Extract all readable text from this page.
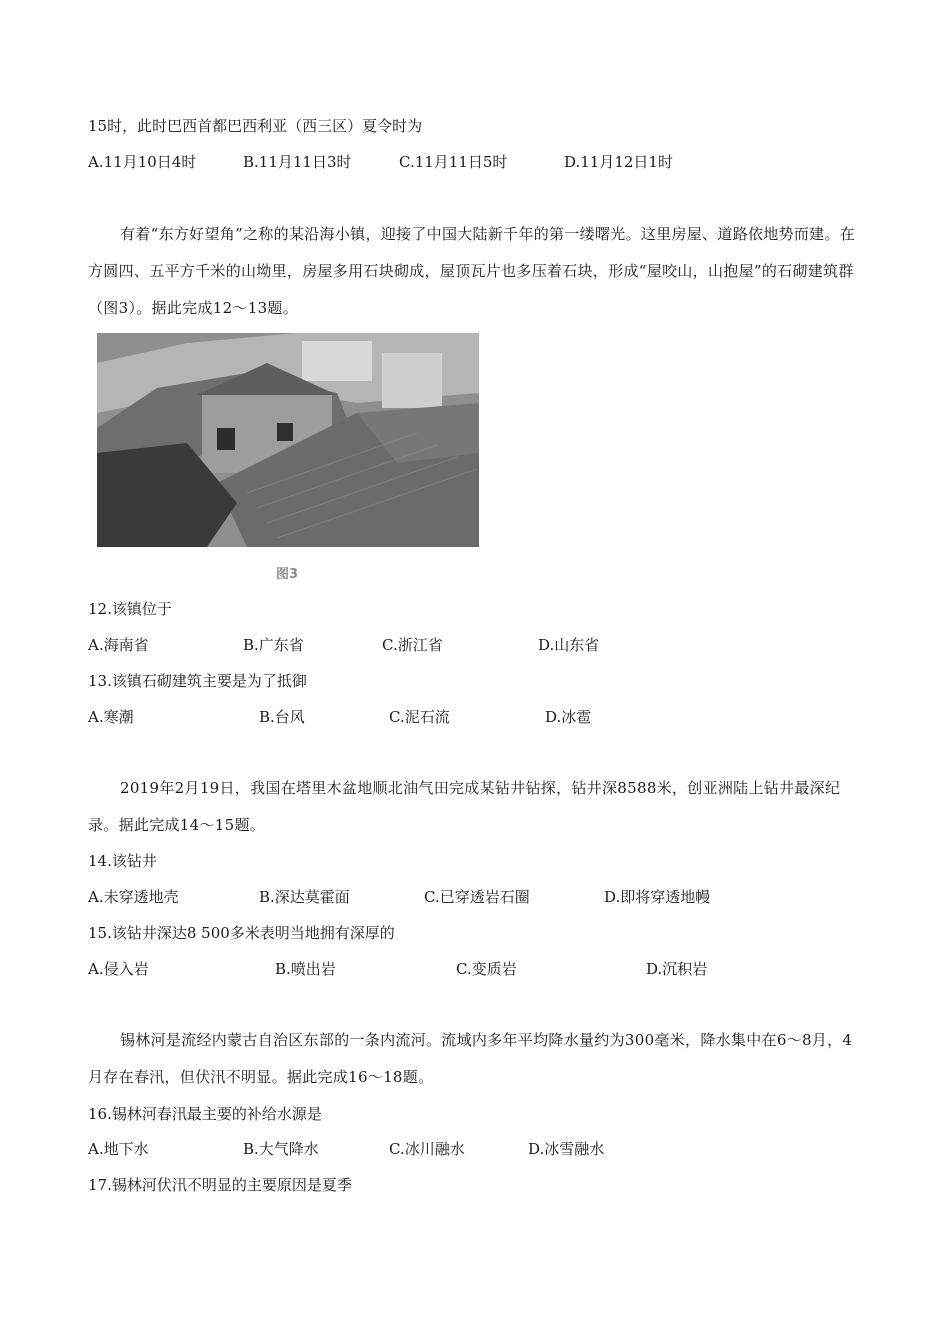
15时，此时巴西首都巴西利亚（西三区）夏令时为
A.11月10日4时	B.11月11日3时	C.11月11日5时	D.11月12日1时
有着“东方好望角”之称的某沿海小镇，迎接了中国大陆新千年的第一缕曙光。这里房屋、道路依地势而建。在方圆四、五平方千米的山坳里，房屋多用石块砌成，屋顶瓦片也多压着石块，形成“屋咬山，山抱屋”的石砌建筑群（图3）。据此完成12～13题。
图3
12.该镇位于
A.海南省	B.广东省	C.浙江省	D.山东省
13.该镇石砌建筑主要是为了抵御
A.寒潮	B.台风	C.泥石流	D.冰雹
2019年2月19日，我国在塔里木盆地顺北油气田完成某钻井钻探，钻井深8588米，创亚洲陆上钻井最深纪录。据此完成14～15题。
14.该钻井
A.未穿透地壳	B.深达莫霍面	C.已穿透岩石圈	D.即将穿透地幔
15.该钻井深达8 500多米表明当地拥有深厚的
A.侵入岩	B.喷出岩	C.变质岩	D.沉积岩
锡林河是流经内蒙古自治区东部的一条内流河。流域内多年平均降水量约为300毫米，降水集中在6～8月，4月存在春汛，但伏汛不明显。据此完成16～18题。
16.锡林河春汛最主要的补给水源是
A.地下水	B.大气降水	C.冰川融水	D.冰雪融水
17.锡林河伏汛不明显的主要原因是夏季
